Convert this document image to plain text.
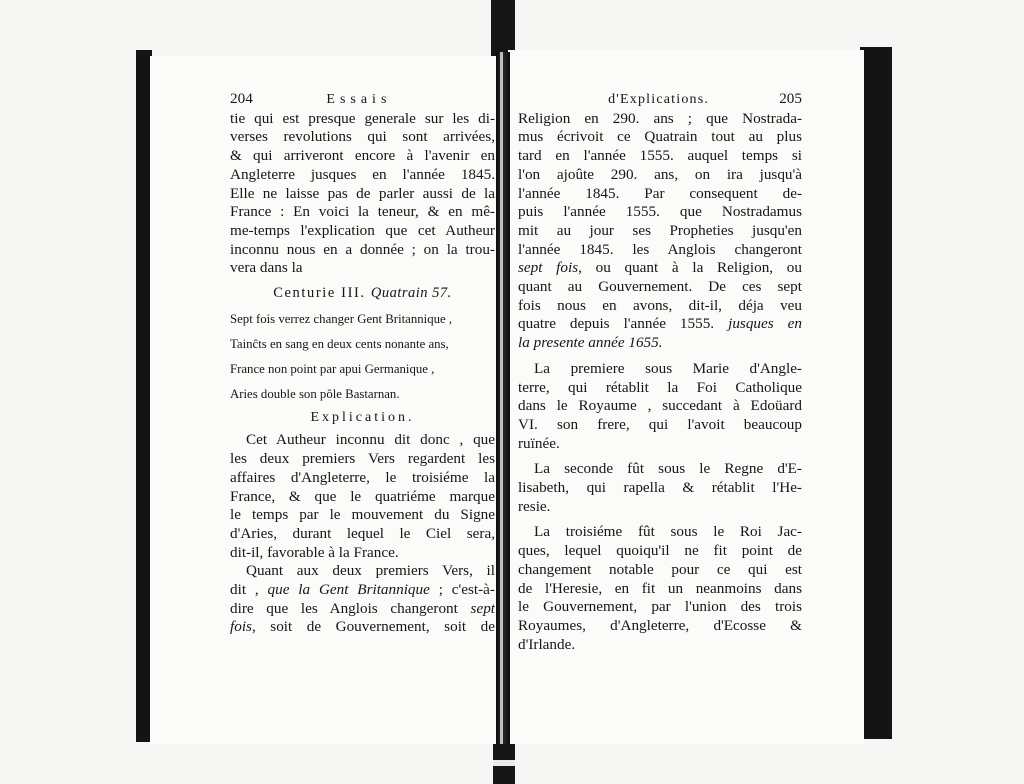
204	Essais
tie qui est presque generale sur les di-
verses revolutions qui sont arrivées,
& qui arriveront encore à l'avenir en
Angleterre jusques en l'année 1845.
Elle ne laisse pas de parler aussi de la
France : En voici la teneur, & en mê-
me-temps l'explication que cet Autheur
inconnu nous en a donnée ; on la trou-
vera dans la
Centurie III. Quatrain 57.
Sept fois verrez changer Gent Britannique ,
Tainĉts en sang en deux cents nonante ans,
France non point par apui Germanique ,
Aries double son pôle Bastarnan.
Explication.
Cet Autheur inconnu dit donc , que
les deux premiers Vers regardent les
affaires d'Angleterre, le troisiéme la
France, & que le quatriéme marque
le temps par le mouvement du Signe
d'Aries, durant lequel le Ciel sera,
dit-il, favorable à la France.
Quant aux deux premiers Vers, il
dit , que la Gent Britannique ; c'est-à-
dire que les Anglois changeront sept
fois, soit de Gouvernement, soit de
d'Explications.	205
Religion en 290. ans ; que Nostrada-
mus écrivoit ce Quatrain tout au plus
tard en l'année 1555. auquel temps si
l'on ajoûte 290. ans, on ira jusqu'à
l'année 1845. Par consequent de-
puis l'année 1555. que Nostradamus
mit au jour ses Propheties jusqu'en
l'année 1845. les Anglois changeront
sept fois, ou quant à la Religion, ou
quant au Gouvernement. De ces sept
fois nous en avons, dit-il, déja veu
quatre depuis l'année 1555. jusques en
la presente année 1655.
La premiere sous Marie d'Angle-
terre, qui rétablit la Foi Catholique
dans le Royaume , succedant à Edoüard
VI. son frere, qui l'avoit beaucoup
ruïnée.
La seconde fût sous le Regne d'E-
lisabeth, qui rapella & rétablit l'He-
resie.
La troisiéme fût sous le Roi Jac-
ques, lequel quoiqu'il ne fit point de
changement notable pour ce qui est
de l'Heresie, en fit un neanmoins dans
le Gouvernement, par l'union des trois
Royaumes, d'Angleterre, d'Ecosse &
d'Irlande.
